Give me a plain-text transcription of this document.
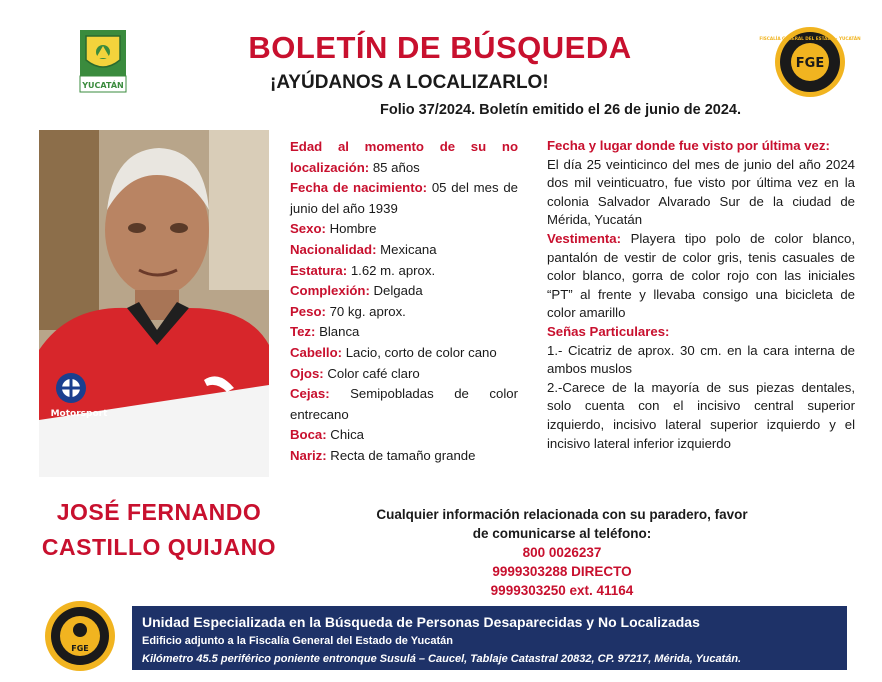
YUCATÁN
BOLETÍN DE BÚSQUEDA
¡AYÚDANOS A LOCALIZARLO!
Folio 37/2024. Boletín emitido el 26 de junio de 2024.
FGE
FISCALÍA GENERAL DEL ESTADO · YUCATÁN
Motorsport

Edad al momento de su no localización: 85 años

Fecha de nacimiento: 05 del mes de junio del año 1939

Sexo: Hombre

Nacionalidad: Mexicana

Estatura: 1.62 m. aprox.

Complexión: Delgada

Peso: 70 kg. aprox.

Tez: Blanca

Cabello: Lacio, corto de color cano

Ojos: Color café claro

Cejas: Semipobladas de color entrecano

Boca: Chica

Nariz: Recta de tamaño grande

Fecha y lugar donde fue visto por última vez:

El día 25 veinticinco del mes de junio del año 2024 dos mil veinticuatro, fue visto por última vez en la colonia Salvador Alvarado Sur de la ciudad de Mérida, Yucatán

Vestimenta: Playera tipo polo de color blanco, pantalón de vestir de color gris, tenis casuales de color blanco, gorra de color rojo con las iniciales “PT” al frente y llevaba consigo una bicicleta de color amarillo

Señas Particulares:

1.- Cicatriz de aprox. 30 cm. en la cara interna de ambos muslos

2.-Carece de la mayoría de sus piezas dentales, solo cuenta con el incisivo central superior izquierdo, incisivo lateral superior izquierdo y el incisivo lateral inferior izquierdo

JOSÉ FERNANDO
CASTILLO QUIJANO
Cualquier información relacionada con su paradero, favor
de comunicarse al teléfono:
800 0026237
9999303288 DIRECTO
9999303250 ext. 41164
FGE
Unidad Especializada en la Búsqueda de Personas Desaparecidas y No Localizadas
Edificio adjunto a la Fiscalía General del Estado de Yucatán
Kilómetro 45.5 periférico poniente entronque Susulá – Caucel, Tablaje Catastral 20832, CP. 97217, Mérida, Yucatán.
